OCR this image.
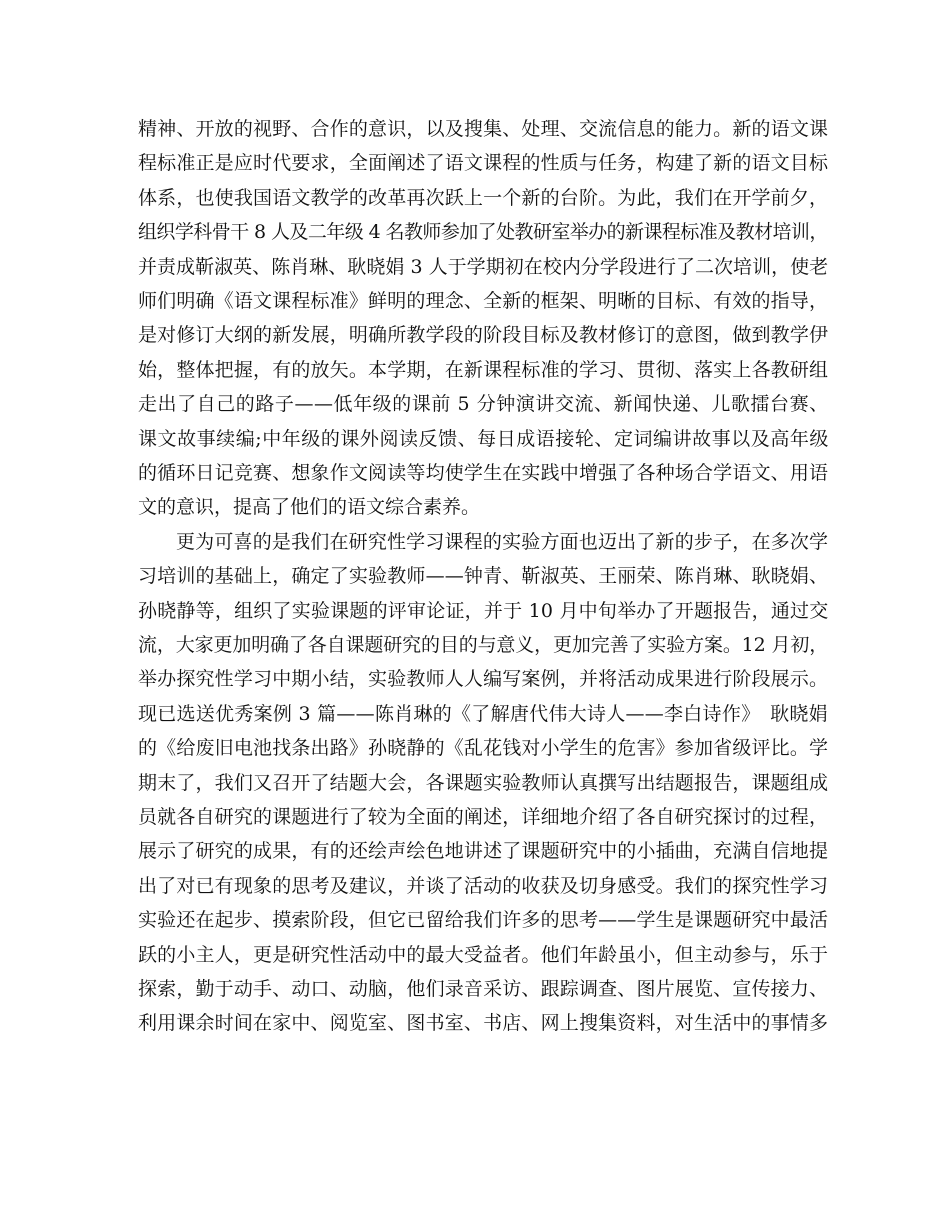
精神、开放的视野、合作的意识，以及搜集、处理、交流信息的能力。新的语文课
程标准正是应时代要求，全面阐述了语文课程的性质与任务，构建了新的语文目标
体系，也使我国语文教学的改革再次跃上一个新的台阶。为此，我们在开学前夕，
组织学科骨干 8 人及二年级 4 名教师参加了处教研室举办的新课程标准及教材培训，
并责成靳淑英、陈肖琳、耿晓娟 3 人于学期初在校内分学段进行了二次培训，使老
师们明确《语文课程标准》鲜明的理念、全新的框架、明晰的目标、有效的指导，
是对修订大纲的新发展，明确所教学段的阶段目标及教材修订的意图，做到教学伊
始，整体把握，有的放矢。本学期，在新课程标准的学习、贯彻、落实上各教研组
走出了自己的路子——低年级的课前 5 分钟演讲交流、新闻快递、儿歌擂台赛、
课文故事续编;中年级的课外阅读反馈、每日成语接轮、定词编讲故事以及高年级
的循环日记竞赛、想象作文阅读等均使学生在实践中增强了各种场合学语文、用语
文的意识，提高了他们的语文综合素养。
更为可喜的是我们在研究性学习课程的实验方面也迈出了新的步子，在多次学
习培训的基础上，确定了实验教师——钟青、靳淑英、王丽荣、陈肖琳、耿晓娟、
孙晓静等，组织了实验课题的评审论证，并于 10 月中旬举办了开题报告，通过交
流，大家更加明确了各自课题研究的目的与意义，更加完善了实验方案。12 月初，
举办探究性学习中期小结，实验教师人人编写案例，并将活动成果进行阶段展示。
现已选送优秀案例 3 篇——陈肖琳的《了解唐代伟大诗人——李白诗作》　耿晓娟
的《给废旧电池找条出路》孙晓静的《乱花钱对小学生的危害》参加省级评比。学
期末了，我们又召开了结题大会，各课题实验教师认真撰写出结题报告，课题组成
员就各自研究的课题进行了较为全面的阐述，详细地介绍了各自研究探讨的过程，
展示了研究的成果，有的还绘声绘色地讲述了课题研究中的小插曲，充满自信地提
出了对已有现象的思考及建议，并谈了活动的收获及切身感受。我们的探究性学习
实验还在起步、摸索阶段，但它已留给我们许多的思考——学生是课题研究中最活
跃的小主人，更是研究性活动中的最大受益者。他们年龄虽小，但主动参与，乐于
探索，勤于动手、动口、动脑，他们录音采访、跟踪调查、图片展览、宣传接力、
利用课余时间在家中、阅览室、图书室、书店、网上搜集资料，对生活中的事情多
